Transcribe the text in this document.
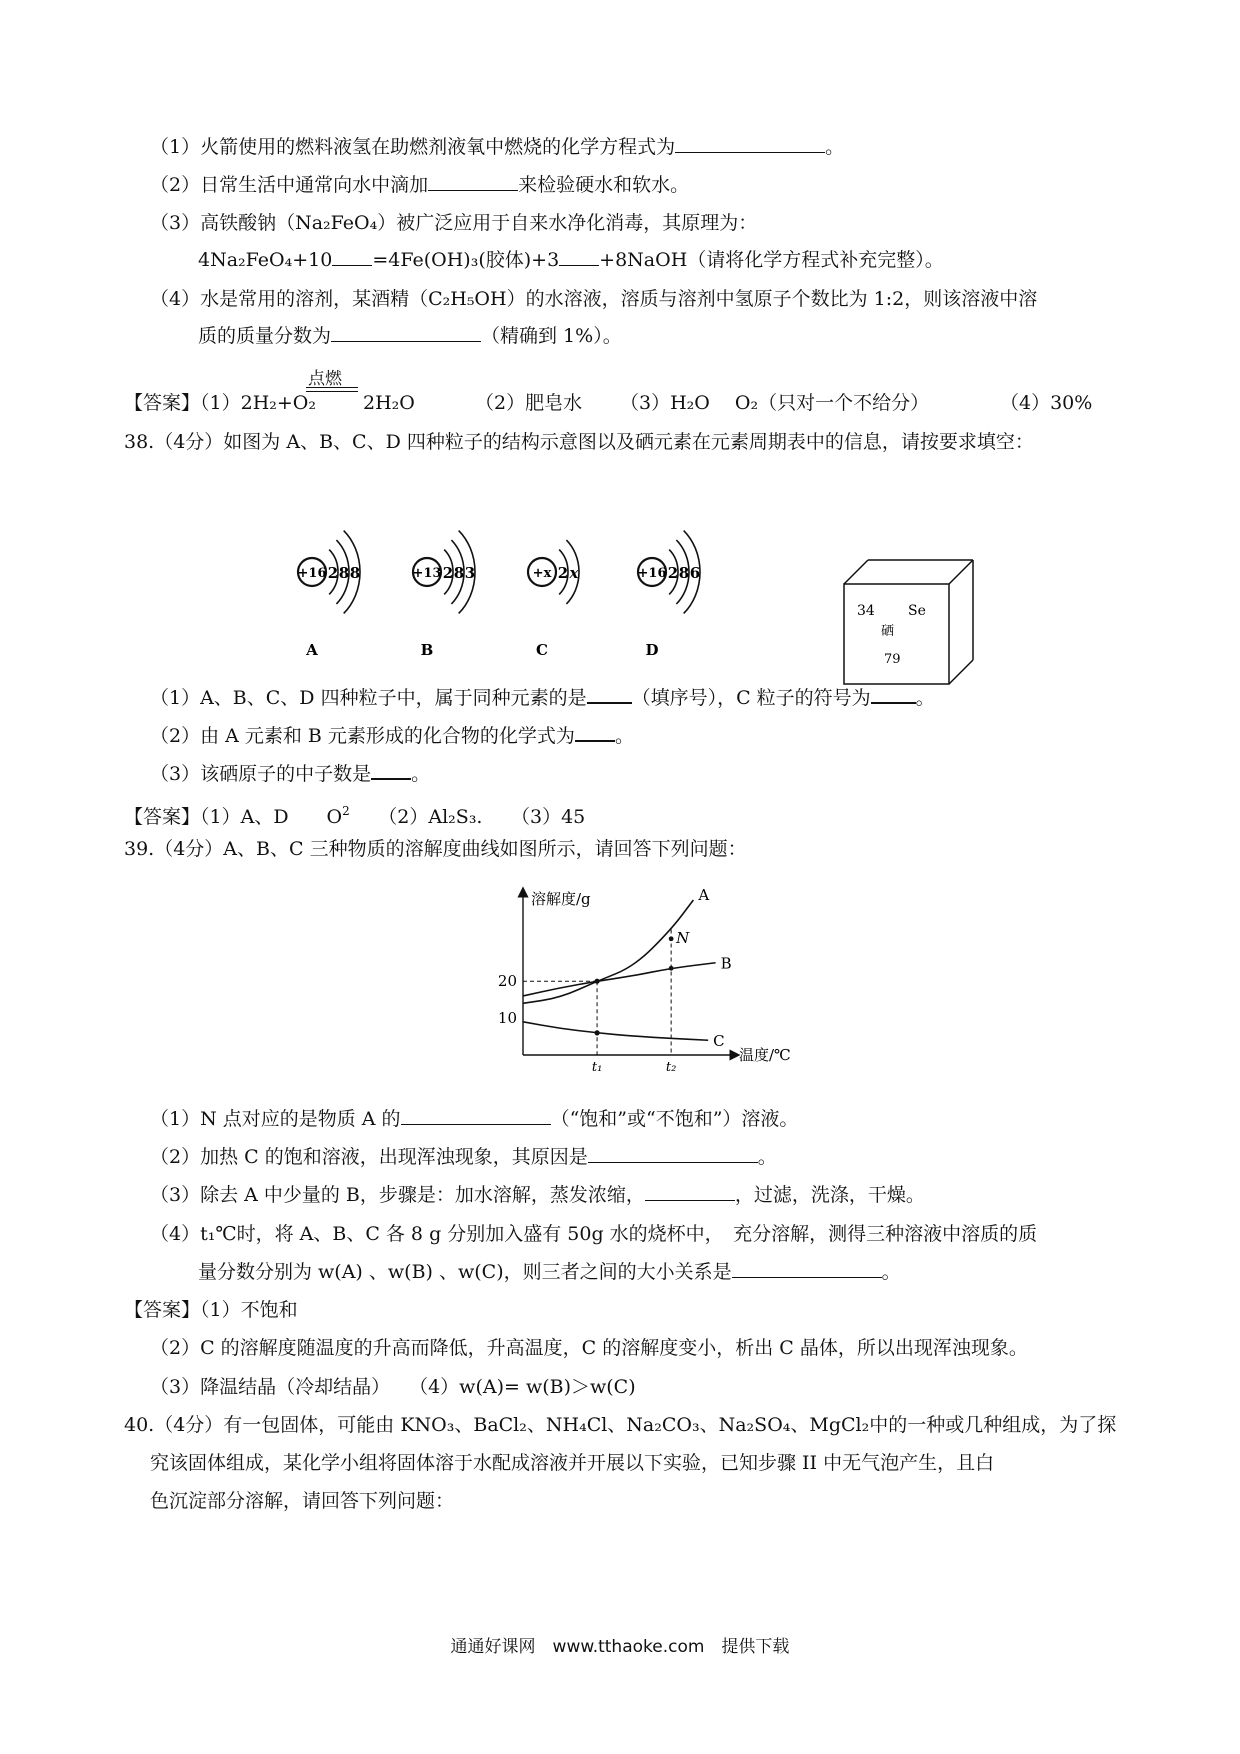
（1）火箭使用的燃料液氢在助燃剂液氧中燃烧的化学方程式为	。
（2）日常生活中通常向水中滴加	来检验硬水和软水。
（3）高铁酸钠（Na₂FeO₄）被广泛应用于自来水净化消毒，其原理为：
4Na₂FeO₄+10 =4Fe(OH)₃(胶体)+3 +8NaOH（请将化学方程式补充完整）。
（4）水是常用的溶剂，某酒精（C₂H₅OH）的水溶液，溶质与溶剂中氢原子个数比为 1:2，则该溶液中溶
质的质量分数为	（精确到 1%）。
点燃
【答案】（1）2H₂+O₂ 2H₂O	（2）肥皂水 （3）H₂O　 O₂（只对一个不给分）	（4）30%
38.（4分）如图为 A、B、C、D 四种粒子的结构示意图以及硒元素在元素周期表中的信息，请按要求填空：
+16 2 8 8
A
+13 2 8 3
B
+x 2 x
C
+16 2 8 6
D
34 Se
硒
79
（1）A、B、C、D 四种粒子中，属于同种元素的是 （填序号），C 粒子的符号为 。
（2）由 A 元素和 B 元素形成的化合物的化学式为 。
（3）该硒原子的中子数是 。
【答案】（1）A、D　　$O^2$　　 （2）Al₂S₃.　　 （3）45
39.（4分）A、B、C 三种物质的溶解度曲线如图所示，请回答下列问题：
溶解度/g
温度/℃
10
20
t₁	t₂
A
B
C
N
（1）N 点对应的是物质 A 的	（“饱和”或“不饱和”）溶液。
（2）加热 C 的饱和溶液，出现浑浊现象，其原因是	。
（3）除去 A 中少量的 B，步骤是：加水溶解，蒸发浓缩，	，过滤，洗涤，干燥。
（4）t₁℃时，将 A、B、C 各 8 g 分别加入盛有 50g 水的烧杯中，　充分溶解，测得三种溶液中溶质的质
量分数分别为 w(A) 、w(B) 、w(C)，则三者之间的大小关系是	。
【答案】（1）不饱和
（2）C 的溶解度随温度的升高而降低，升高温度，C 的溶解度变小，析出 C 晶体，所以出现浑浊现象。
（3）降温结晶（冷却结晶）　　（4）w(A)= w(B)＞w(C)
40.（4分）有一包固体，可能由 KNO₃、BaCl₂、NH₄Cl、Na₂CO₃、Na₂SO₄、MgCl₂中的一种或几种组成，为了探
究该固体组成，某化学小组将固体溶于水配成溶液并开展以下实验，已知步骤 II 中无气泡产生，且白
色沉淀部分溶解，请回答下列问题：
通通好课网　www.tthaoke.com　提供下载
